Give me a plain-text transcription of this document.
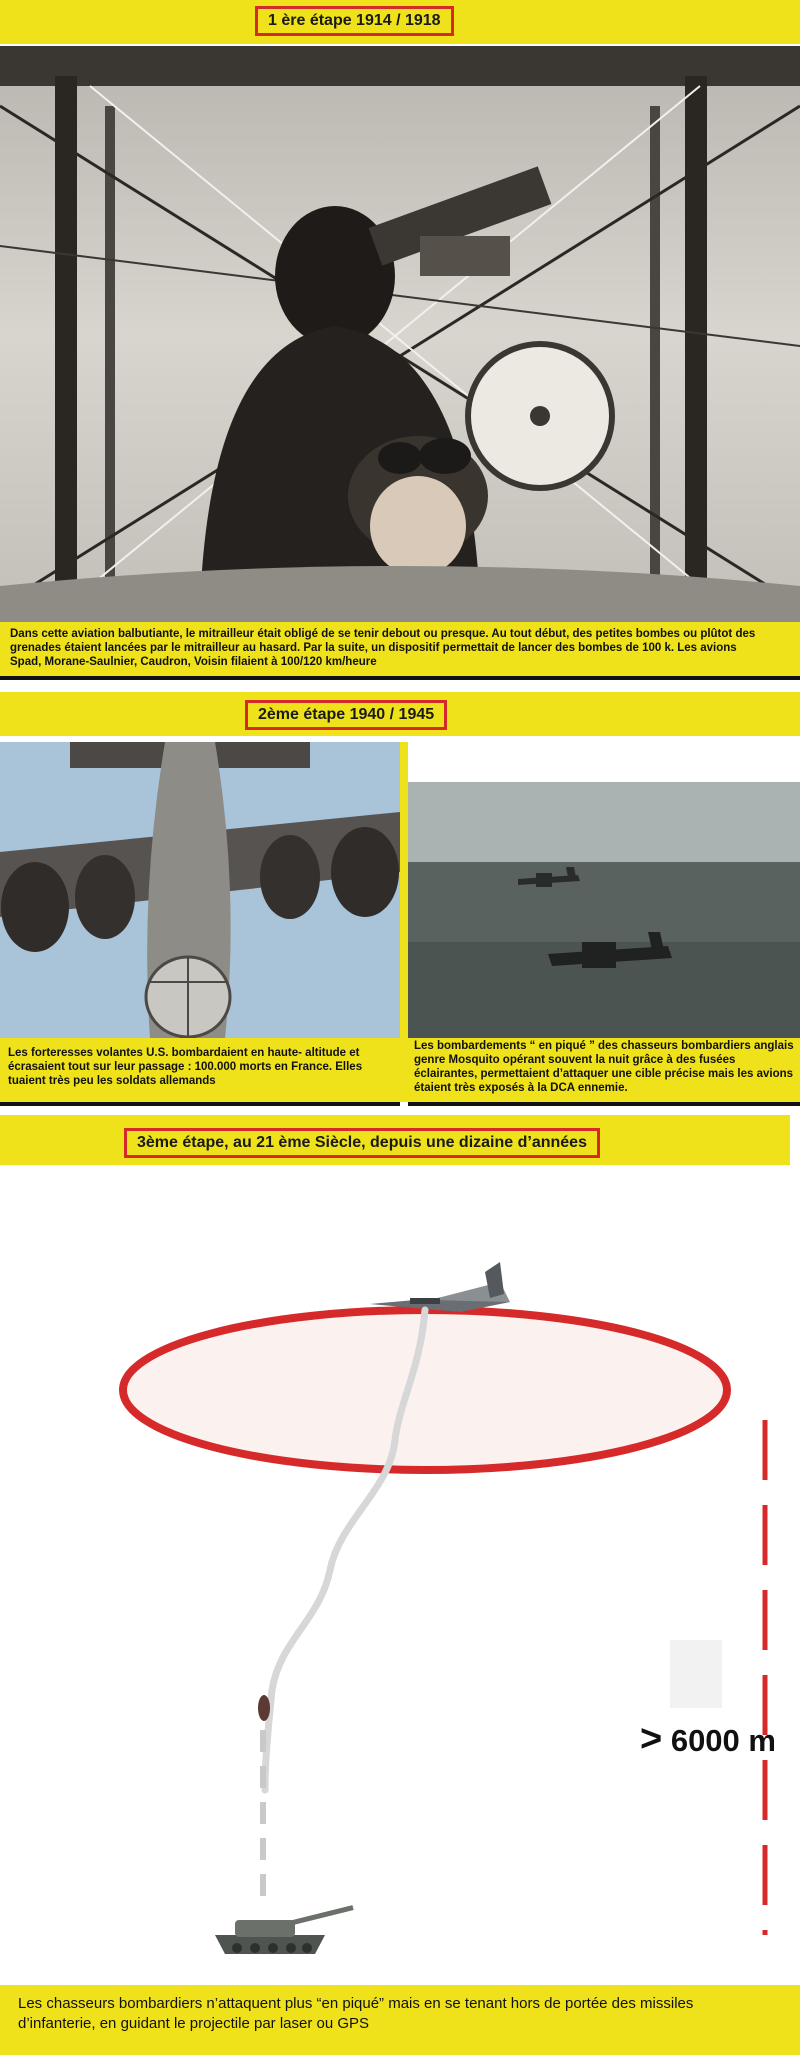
1 ère étape 1914 / 1918
Dans cette aviation balbutiante, le mitrailleur était obligé de se tenir debout ou presque. Au tout début, des petites bombes ou plûtot des grenades étaient lancées par le mitrailleur au hasard. Par la suite, un dispositif permettait de lancer des bombes de 100 k. Les avions Spad, Morane-Saulnier, Caudron, Voisin filaient à 100/120 km/heure
2ème étape 1940 / 1945
Les forteresses volantes U.S. bombardaient en haute- altitude et écrasaient tout sur leur passage : 100.000 morts en France. Elles tuaient très peu les soldats allemands
Les bombardements “ en piqué ” des chasseurs bombardiers anglais genre Mosquito opérant souvent la nuit grâce à des fusées éclairantes, permettaient d’attaquer une cible précise mais les avions étaient très exposés à la DCA ennemie.
3ème étape, au 21 ème Siècle, depuis une dizaine d’années
> 6000 m
Les chasseurs bombardiers n’attaquent plus “en piqué” mais en se tenant hors de portée des missiles d’infanterie, en guidant le projectile par laser ou GPS
